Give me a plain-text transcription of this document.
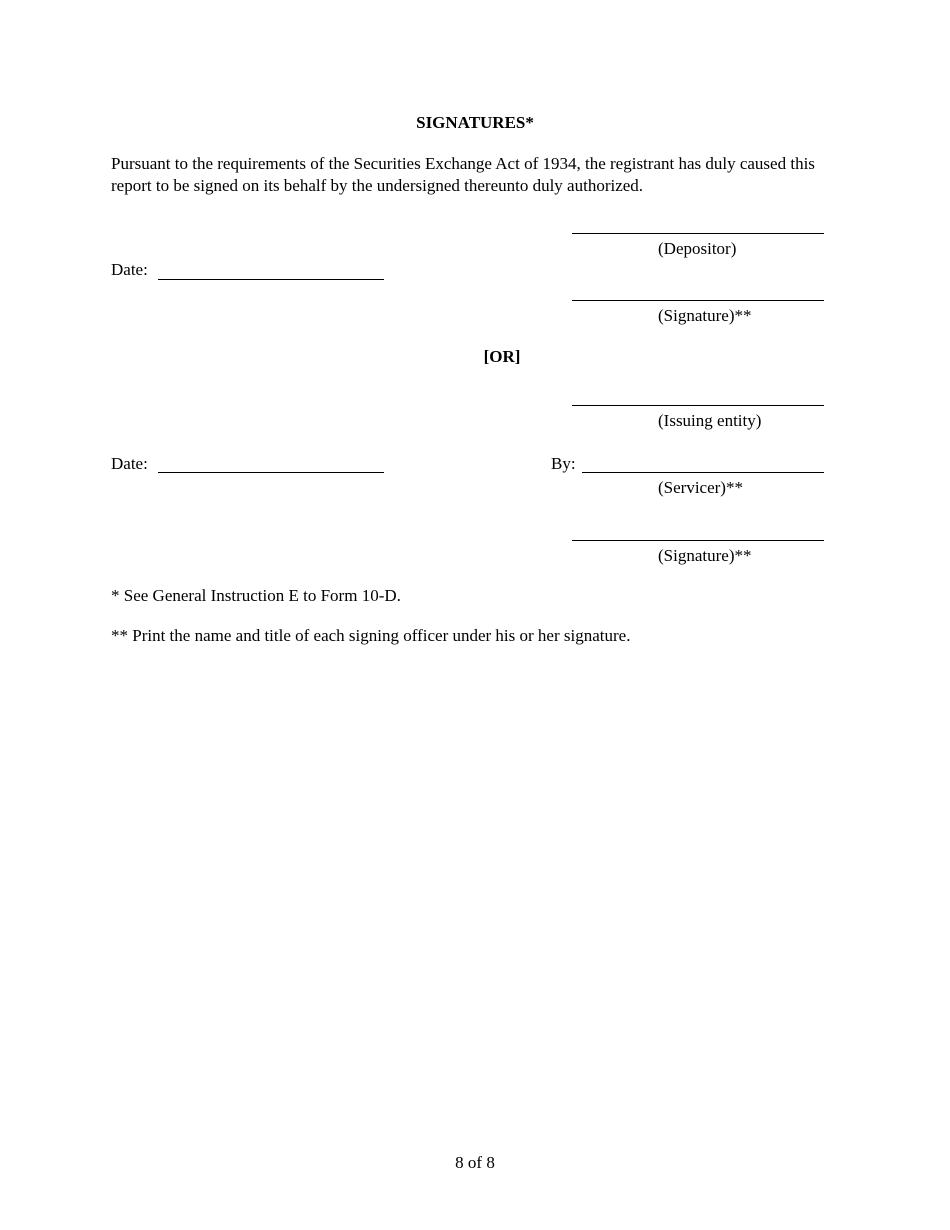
SIGNATURES*
Pursuant to the requirements of the Securities Exchange Act of 1934, the registrant has duly caused this report to be signed on its behalf by the undersigned thereunto duly authorized.
(Depositor)
Date:
(Signature)**
[OR]
(Issuing entity)
Date:	By:
(Servicer)**
(Signature)**
* See General Instruction E to Form 10-D.
** Print the name and title of each signing officer under his or her signature.
8 of 8
